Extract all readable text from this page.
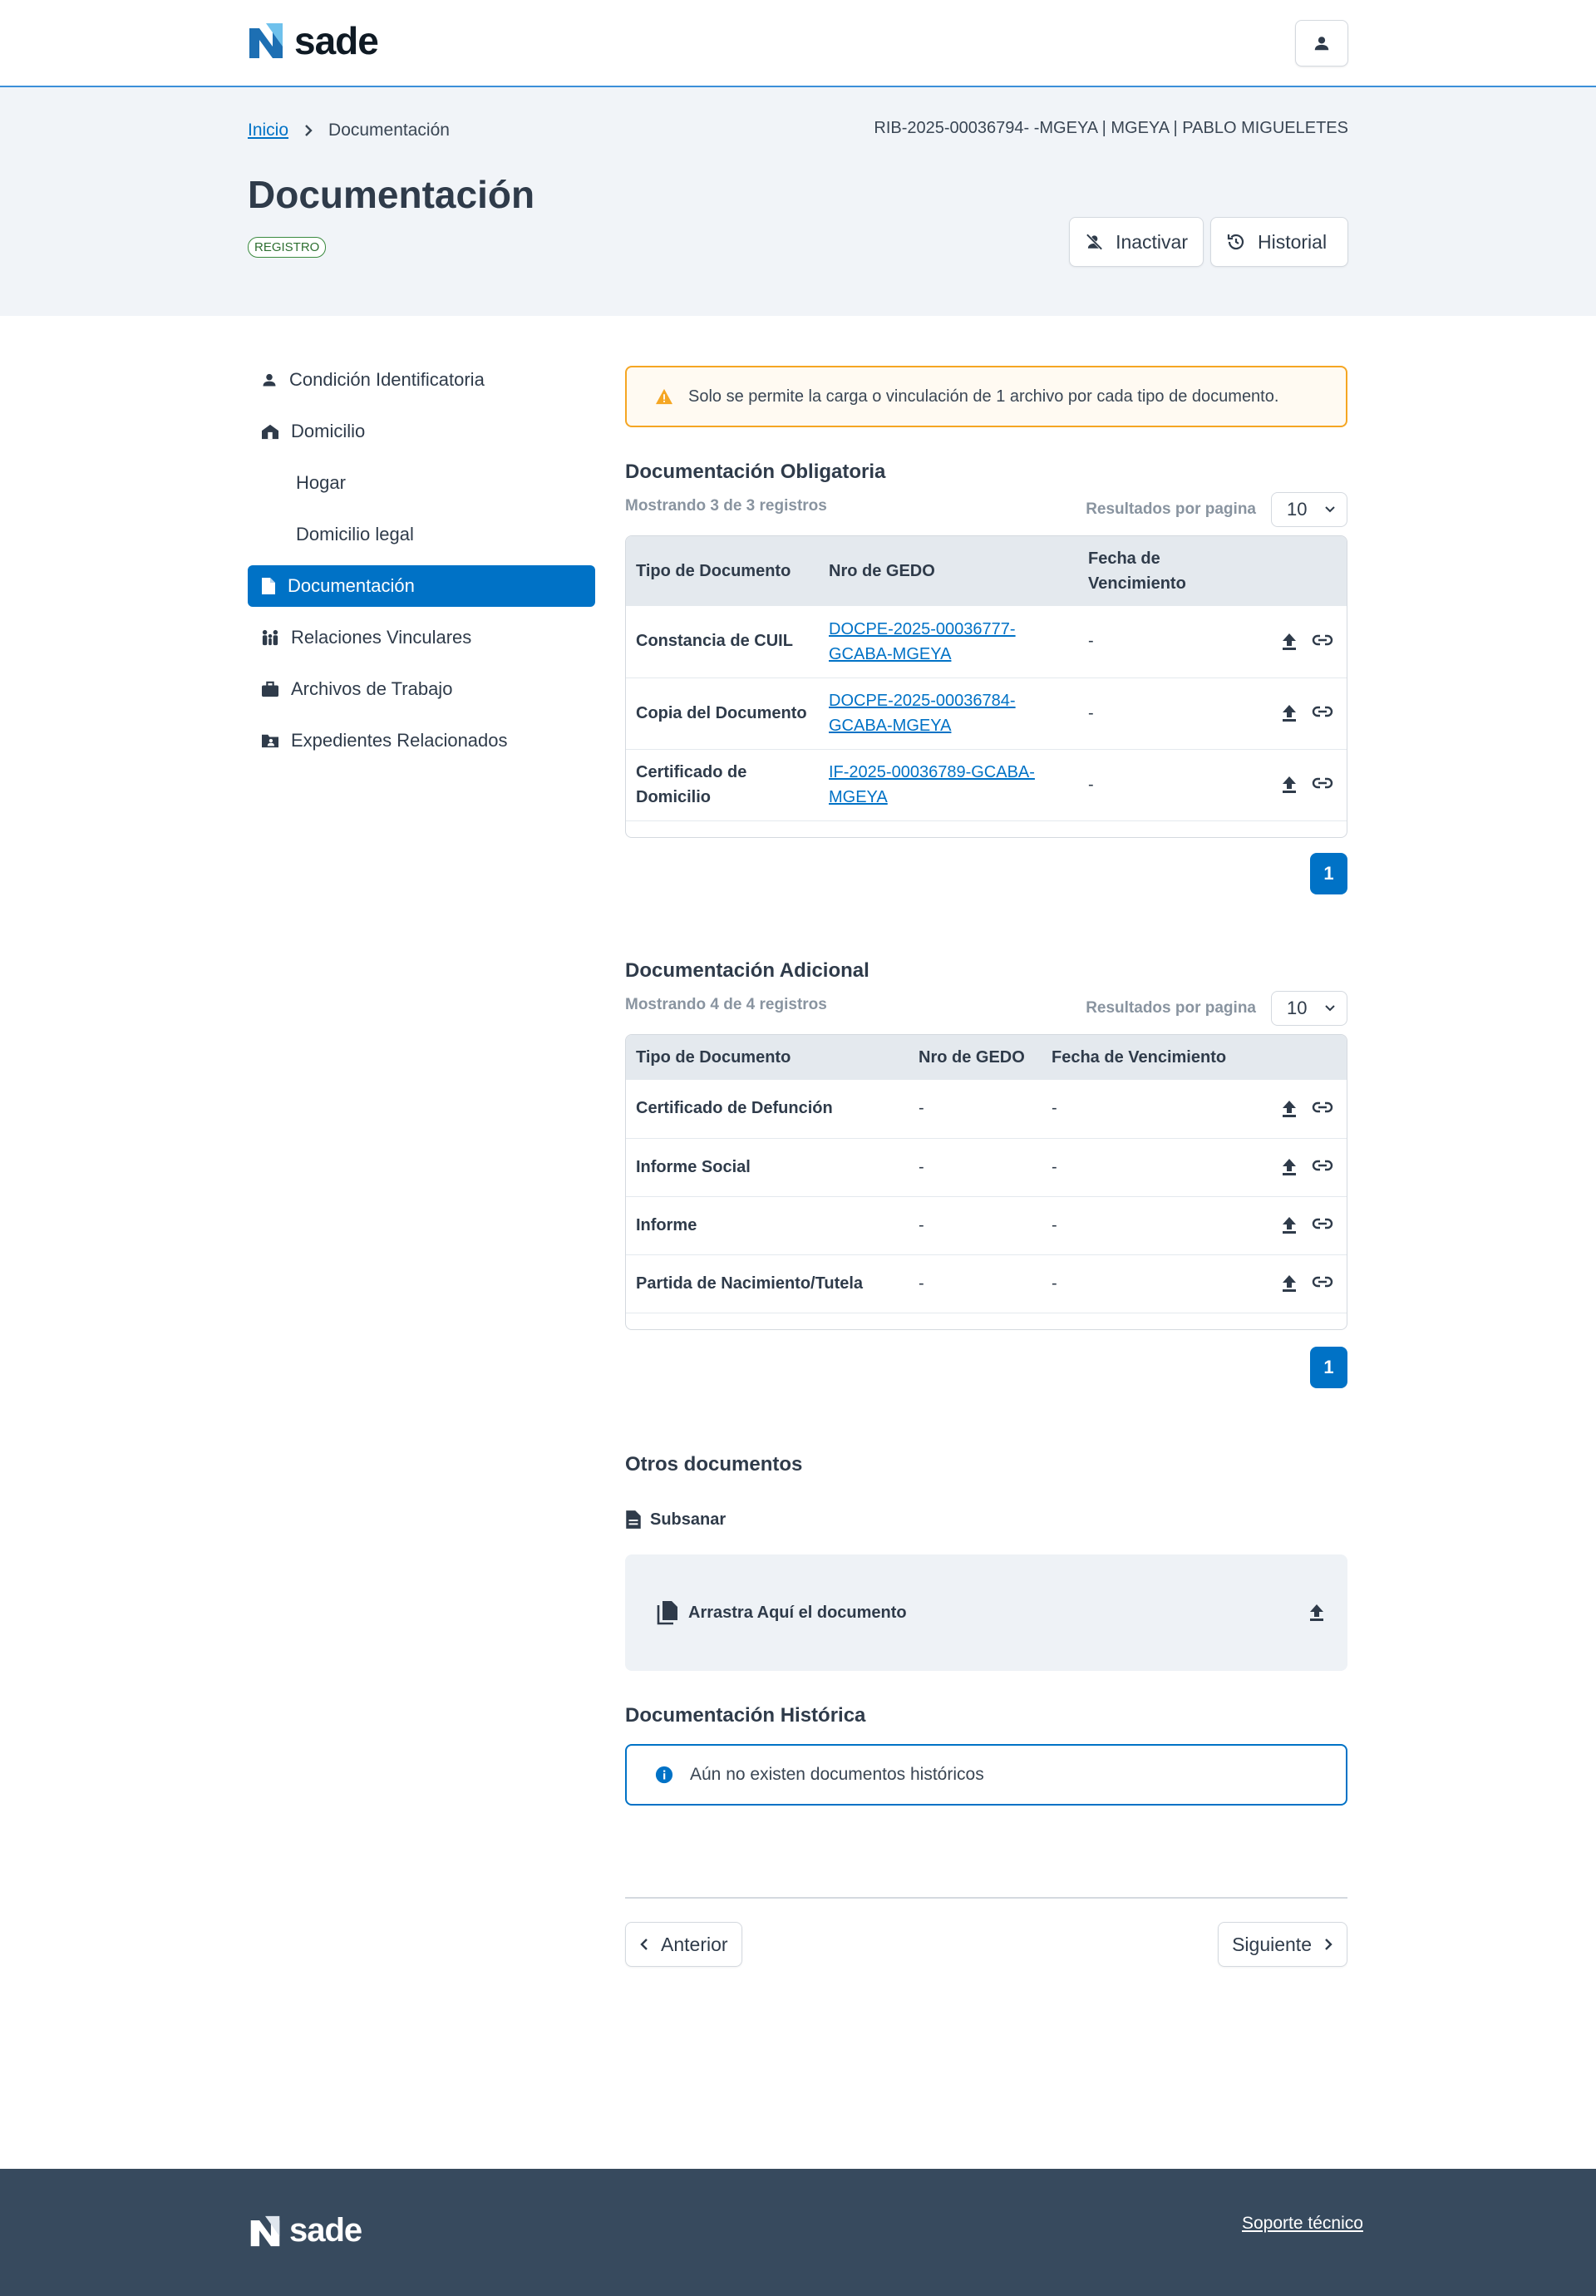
sade
Inicio Documentación	RIB-2025-00036794- -MGEYA | MGEYA | PABLO MIGUELETES
Documentación
REGISTRO	Inactivar	Historial
Condición Identificatoria
Domicilio
Hogar
Domicilio legal
Documentación
Relaciones Vinculares
Archivos de Trabajo
Expedientes Relacionados
Solo se permite la carga o vinculación de 1 archivo por cada tipo de documento.
Documentación Obligatoria
Mostrando 3 de 3 registros	Resultados por pagina 10
Tipo de Documento	Nro de GEDO	Fecha de Vencimiento	
Constancia de CUIL	DOCPE-2025-00036777-GCABA-MGEYA	-	

Copia del Documento	DOCPE-2025-00036784-GCABA-MGEYA	-	

Certificado de Domicilio	IF-2025-00036789-GCABA-MGEYA	-	
1
Documentación Adicional
Mostrando 4 de 4 registros	Resultados por pagina 10
Tipo de Documento	Nro de GEDO	Fecha de Vencimiento	
Certificado de Defunción	-	-	

Informe Social	-	-	

Informe	-	-	

Partida de Nacimiento/Tutela	-	-	
1
Otros documentos
Subsanar
Arrastra Aquí el documento
Documentación Histórica
Aún no existen documentos históricos
Anterior	Siguiente
sade	Soporte técnico
